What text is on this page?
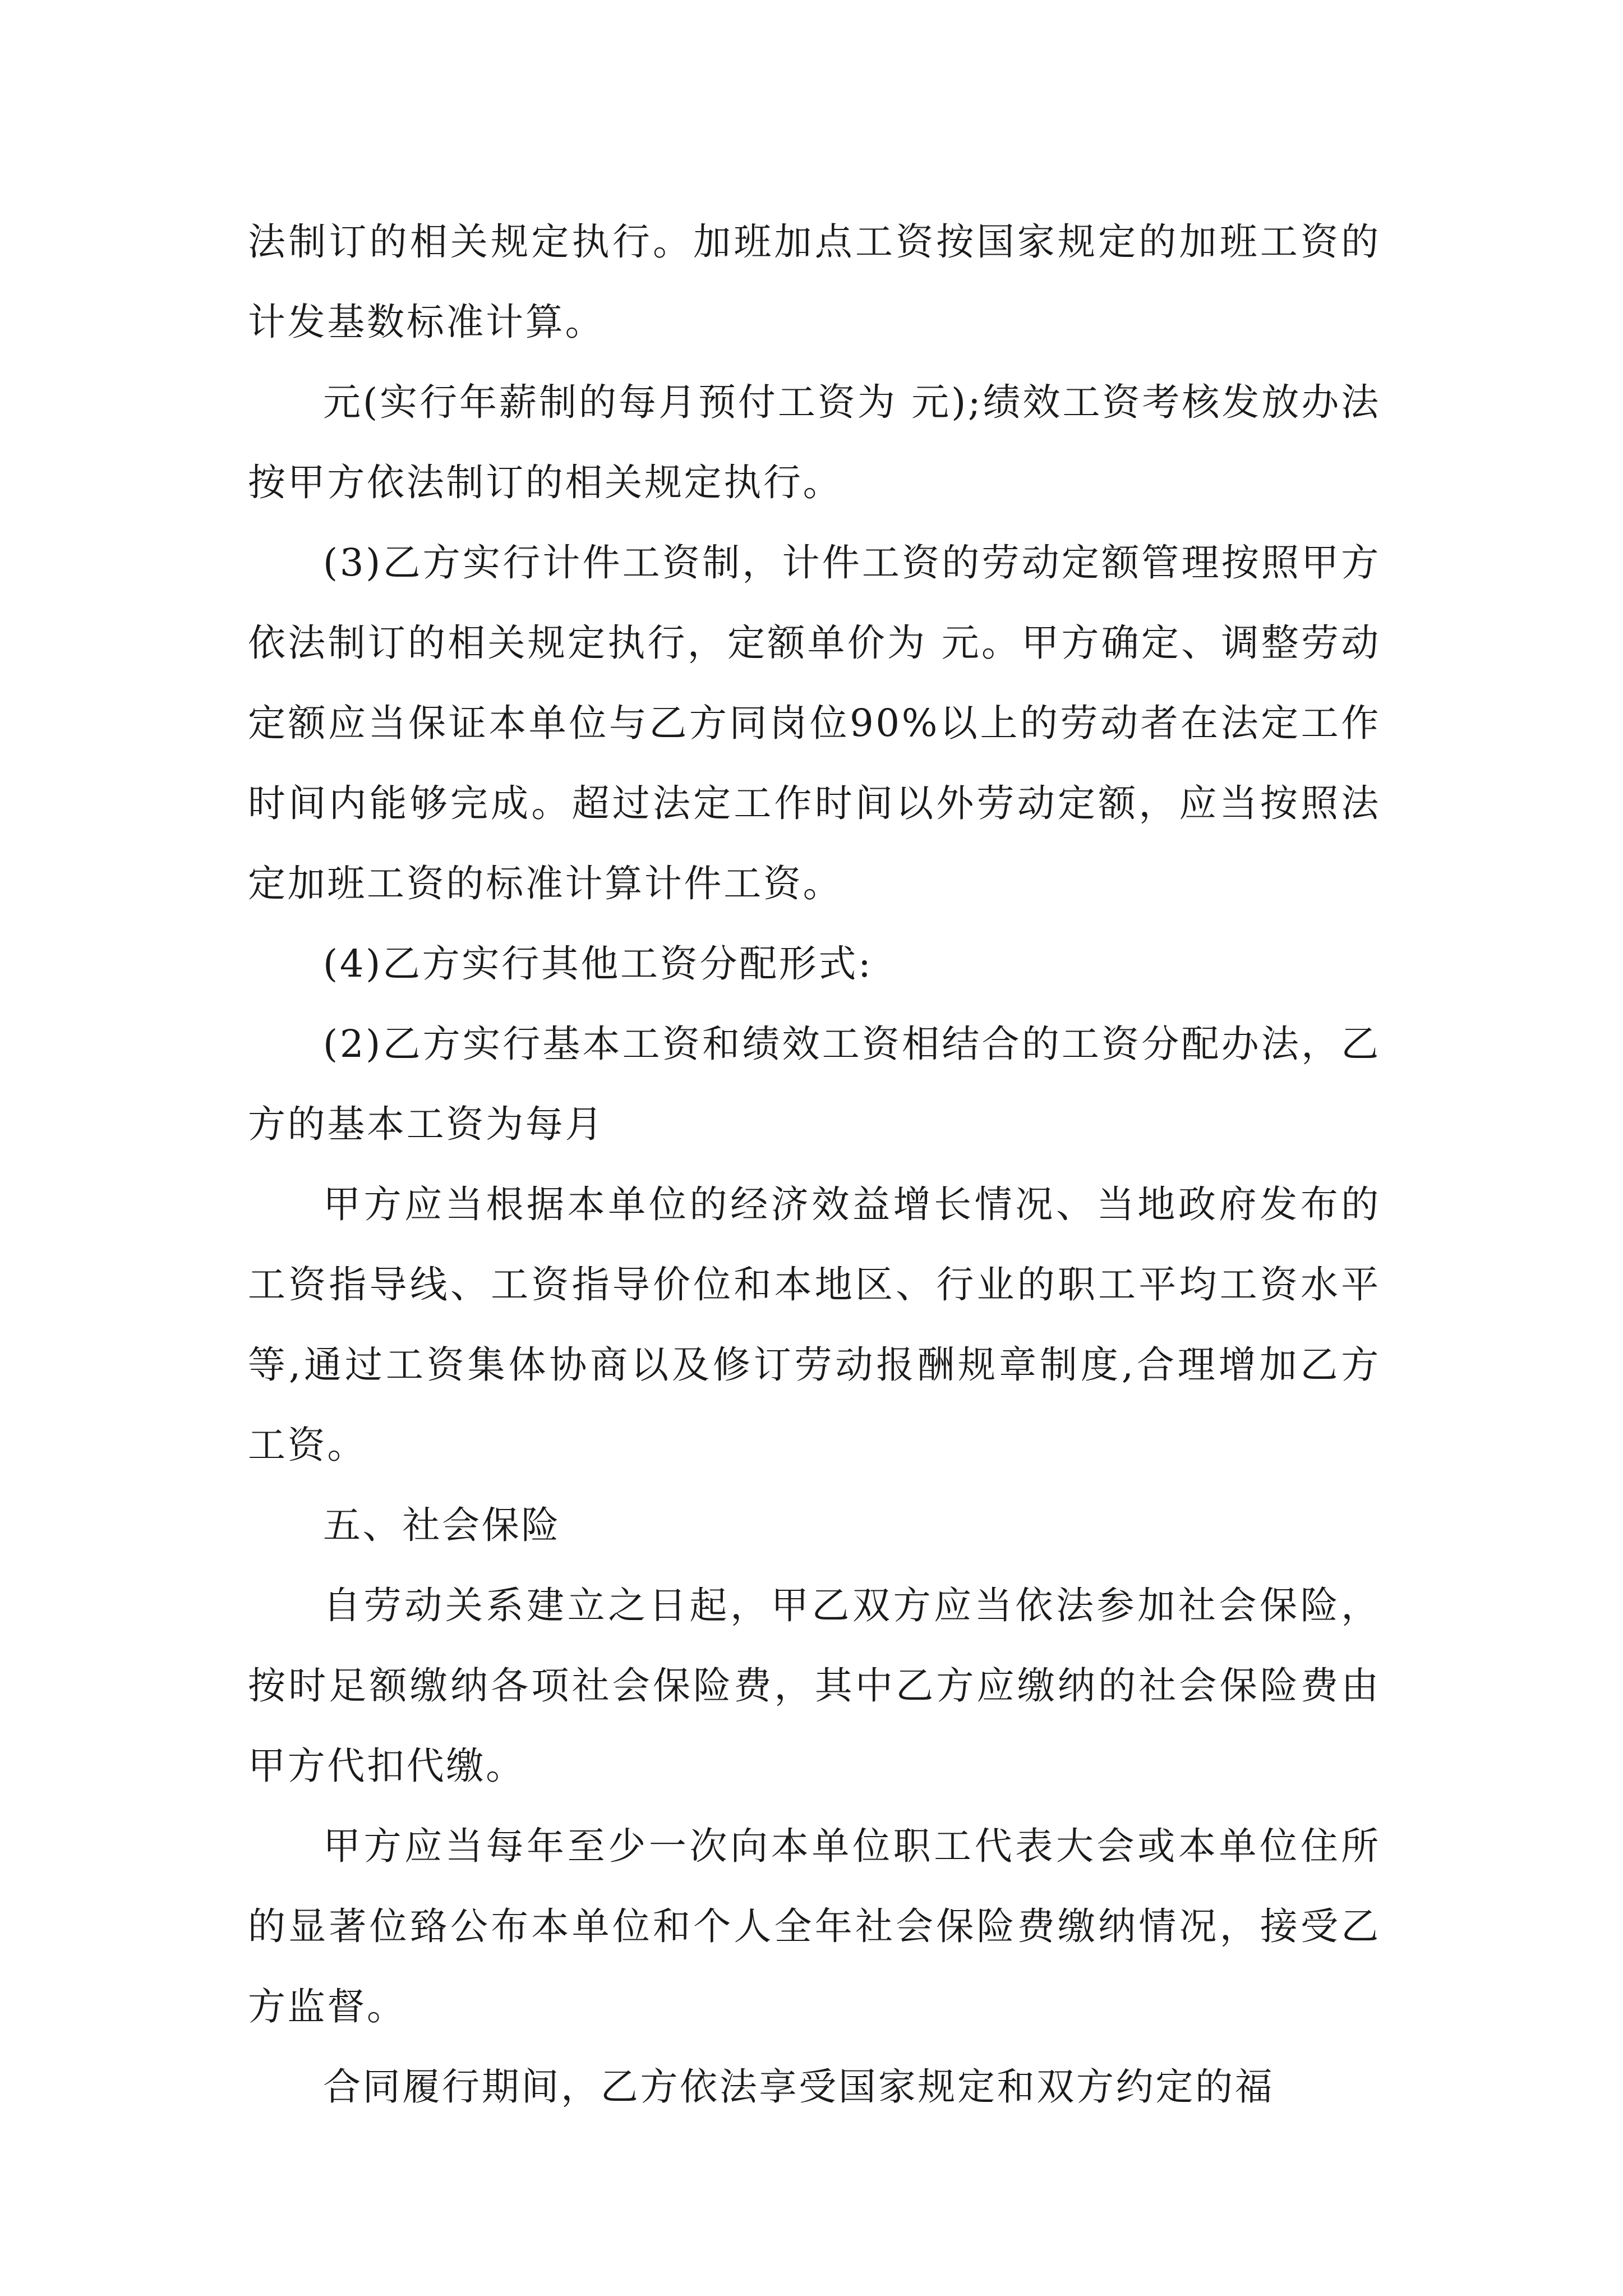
法制订的相关规定执行。加班加点工资按国家规定的加班工资的计发基数标准计算。

元(实行年薪制的每月预付工资为 元);绩效工资考核发放办法按甲方依法制订的相关规定执行。

(3)乙方实行计件工资制，计件工资的劳动定额管理按照甲方依法制订的相关规定执行，定额单价为 元。甲方确定、调整劳动定额应当保证本单位与乙方同岗位90%以上的劳动者在法定工作时间内能够完成。超过法定工作时间以外劳动定额，应当按照法定加班工资的标准计算计件工资。

(4)乙方实行其他工资分配形式:

(2)乙方实行基本工资和绩效工资相结合的工资分配办法，乙方的基本工资为每月

甲方应当根据本单位的经济效益增长情况、当地政府发布的工资指导线、工资指导价位和本地区、行业的职工平均工资水平等,通过工资集体协商以及修订劳动报酬规章制度,合理增加乙方工资。

五、社会保险

自劳动关系建立之日起，甲乙双方应当依法参加社会保险，按时足额缴纳各项社会保险费，其中乙方应缴纳的社会保险费由甲方代扣代缴。

甲方应当每年至少一次向本单位职工代表大会或本单位住所的显著位臵公布本单位和个人全年社会保险费缴纳情况，接受乙方监督。

合同履行期间，乙方依法享受国家规定和双方约定的福
